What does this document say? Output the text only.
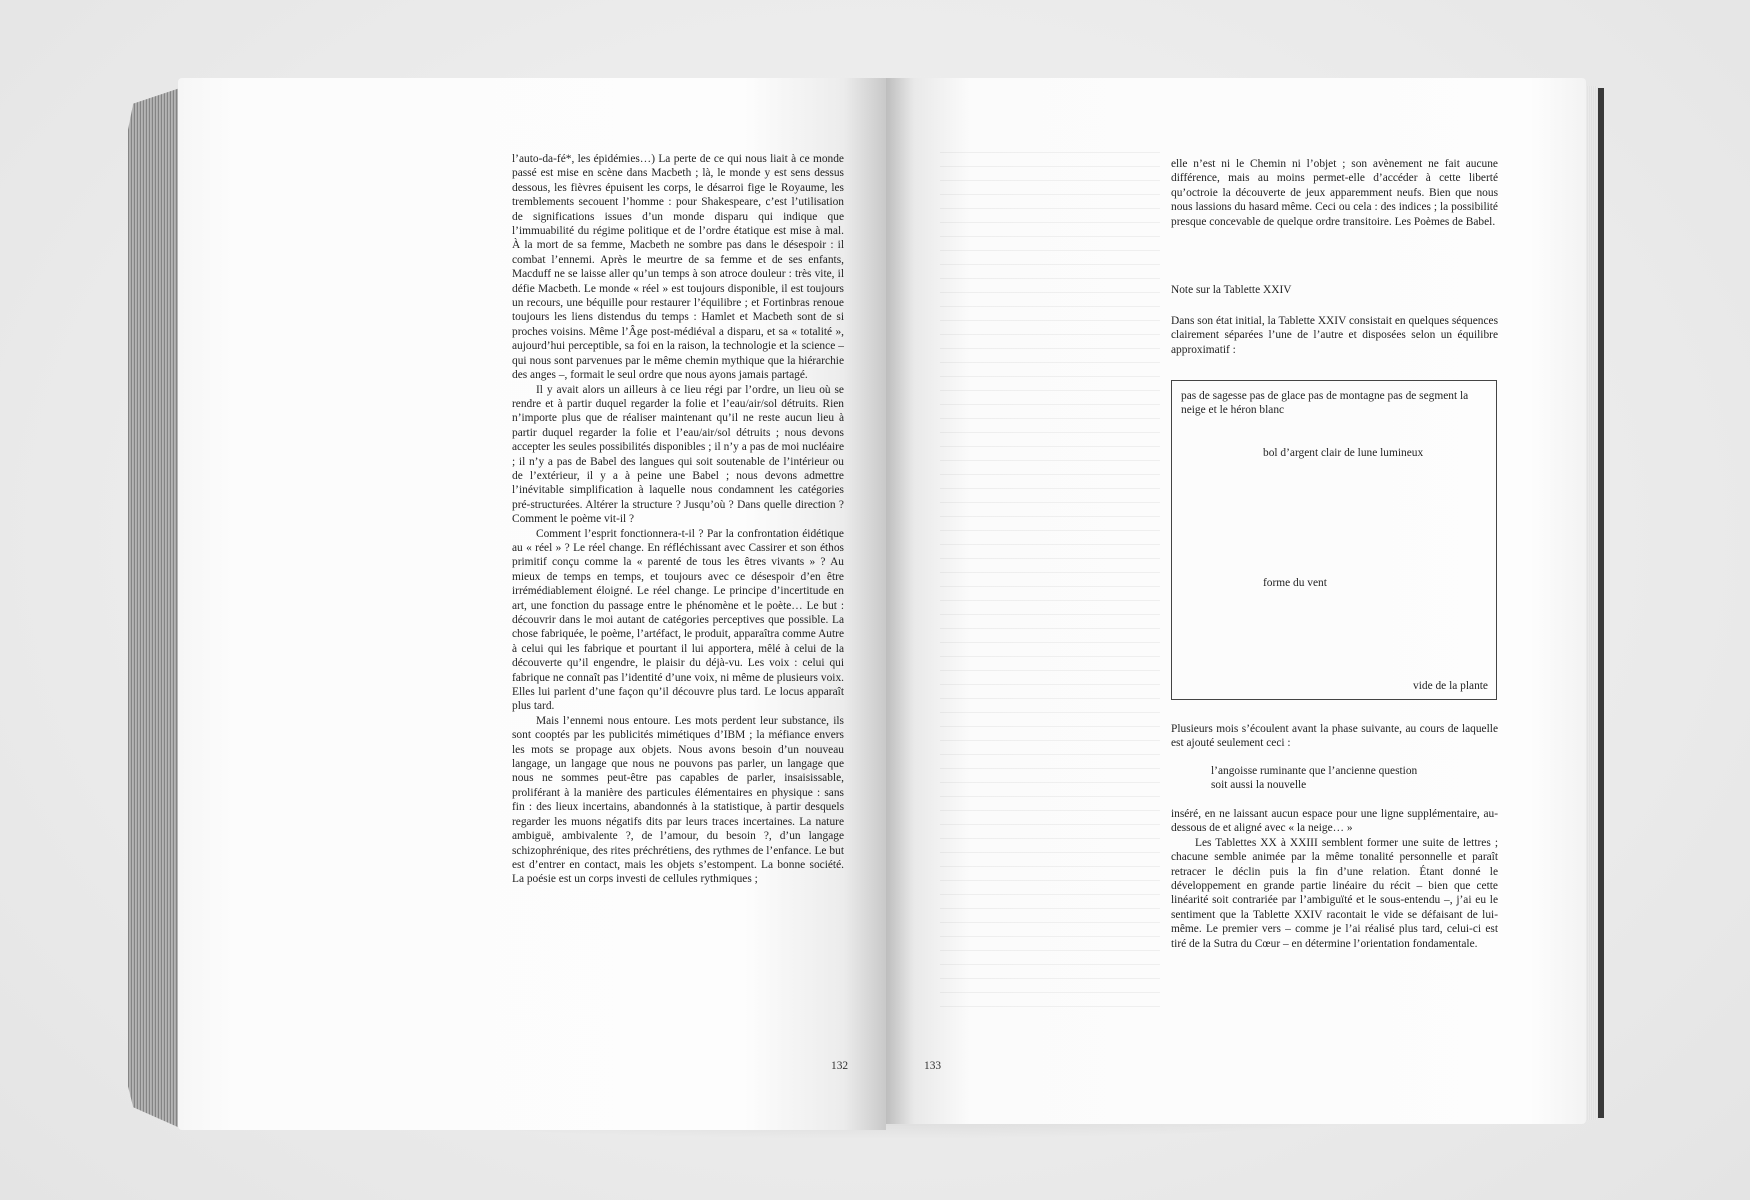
l’auto-da-fé*, les épidémies…) La perte de ce qui nous liait à ce monde passé est mise en scène dans Macbeth ; là, le monde y est sens dessus dessous, les fièvres épuisent les corps, le désarroi fige le Royaume, les tremblements secouent l’homme : pour Shakespeare, c’est l’utilisation de significations issues d’un monde disparu qui indique que l’immuabilité du régime politique et de l’ordre étatique est mise à mal. À la mort de sa femme, Macbeth ne sombre pas dans le désespoir : il combat l’ennemi. Après le meurtre de sa femme et de ses enfants, Macduff ne se laisse aller qu’un temps à son atroce douleur : très vite, il défie Macbeth. Le monde « réel » est toujours disponible, il est toujours un recours, une béquille pour restaurer l’équilibre ; et Fortinbras renoue toujours les liens distendus du temps : Hamlet et Macbeth sont de si proches voisins. Même l’Âge post-médiéval a disparu, et sa « totalité », aujourd’hui perceptible, sa foi en la raison, la technologie et la science – qui nous sont parvenues par le même chemin mythique que la hiérarchie des anges –, formait le seul ordre que nous ayons jamais partagé.

Il y avait alors un ailleurs à ce lieu régi par l’ordre, un lieu où se rendre et à partir duquel regarder la folie et l’eau/air/sol détruits. Rien n’importe plus que de réaliser maintenant qu’il ne reste aucun lieu à partir duquel regarder la folie et l’eau/air/sol détruits ; nous devons accepter les seules possibilités disponibles ; il n’y a pas de moi nucléaire ; il n’y a pas de Babel des langues qui soit soutenable de l’intérieur ou de l’extérieur, il y a à peine une Babel ; nous devons admettre l’inévitable simplification à laquelle nous condamnent les catégories pré-structurées. Altérer la structure ? Jusqu’où ? Dans quelle direction ? Comment le poème vit-il ?

Comment l’esprit fonctionnera-t-il ? Par la confrontation éidétique au « réel » ? Le réel change. En réfléchissant avec Cassirer et son éthos primitif conçu comme la « parenté de tous les êtres vivants » ? Au mieux de temps en temps, et toujours avec ce désespoir d’en être irrémédiablement éloigné. Le réel change. Le principe d’incertitude en art, une fonction du passage entre le phénomène et le poète… Le but : découvrir dans le moi autant de catégories perceptives que possible. La chose fabriquée, le poème, l’artéfact, le produit, apparaîtra comme Autre à celui qui les fabrique et pourtant il lui apportera, mêlé à celui de la découverte qu’il engendre, le plaisir du déjà-vu. Les voix : celui qui fabrique ne connaît pas l’identité d’une voix, ni même de plusieurs voix. Elles lui parlent d’une façon qu’il découvre plus tard. Le locus apparaît plus tard.

Mais l’ennemi nous entoure. Les mots perdent leur substance, ils sont cooptés par les publicités mimétiques d’IBM ; la méfiance envers les mots se propage aux objets. Nous avons besoin d’un nouveau langage, un langage que nous ne pouvons pas parler, un langage que nous ne sommes peut-être pas capables de parler, insaisissable, proliférant à la manière des particules élémentaires en physique : sans fin : des lieux incertains, abandonnés à la statistique, à partir desquels regarder les muons négatifs dits par leurs traces incertaines. La nature ambiguë, ambivalente ?, de l’amour, du besoin ?, d’un langage schizophrénique, des rites préchrétiens, des rythmes de l’enfance. Le but est d’entrer en contact, mais les objets s’estompent. La bonne société. La poésie est un corps investi de cellules rythmiques ;

132

elle n’est ni le Chemin ni l’objet ; son avènement ne fait aucune différence, mais au moins permet-elle d’accéder à cette liberté qu’octroie la découverte de jeux apparemment neufs. Bien que nous nous lassions du hasard même. Ceci ou cela : des indices ; la possibilité presque concevable de quelque ordre transitoire. Les Poèmes de Babel.

Note sur la Tablette XXIV

Dans son état initial, la Tablette XXIV consistait en quelques séquences clairement séparées l’une de l’autre et disposées selon un équilibre approximatif :

pas de sagesse pas de glace pas de montagne pas de segment la neige et le héron blanc
bol d’argent clair de lune lumineux
forme du vent
vide de la plante

Plusieurs mois s’écoulent avant la phase suivante, au cours de laquelle est ajouté seulement ceci :

l’angoisse ruminante que l’ancienne question
soit aussi la nouvelle

inséré, en ne laissant aucun espace pour une ligne supplémentaire, au-dessous de et aligné avec « la neige… »

Les Tablettes XX à XXIII semblent former une suite de lettres ; chacune semble animée par la même tonalité personnelle et paraît retracer le déclin puis la fin d’une relation. Étant donné le développement en grande partie linéaire du récit – bien que cette linéarité soit contrariée par l’ambiguïté et le sous-entendu –, j’ai eu le sentiment que la Tablette XXIV racontait le vide se défaisant de lui-même. Le premier vers – comme je l’ai réalisé plus tard, celui-ci est tiré de la Sutra du Cœur – en détermine l’orientation fondamentale.

133
